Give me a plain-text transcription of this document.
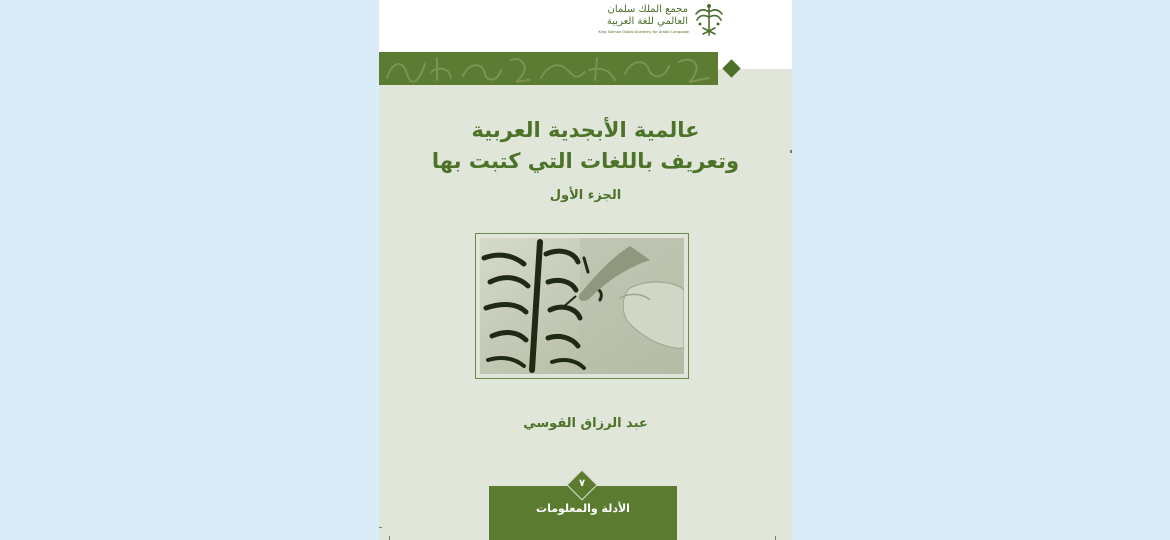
مجمع الملك سلمان
العالمي للغة العربية
King Salman Global Academy for Arabic Language
عالمية الأبجدية العربية
وتعريف باللغات التي كتبت بها
الجزء الأول
عبد الرزاق القوسي
الأدلة والمعلومات
٧
